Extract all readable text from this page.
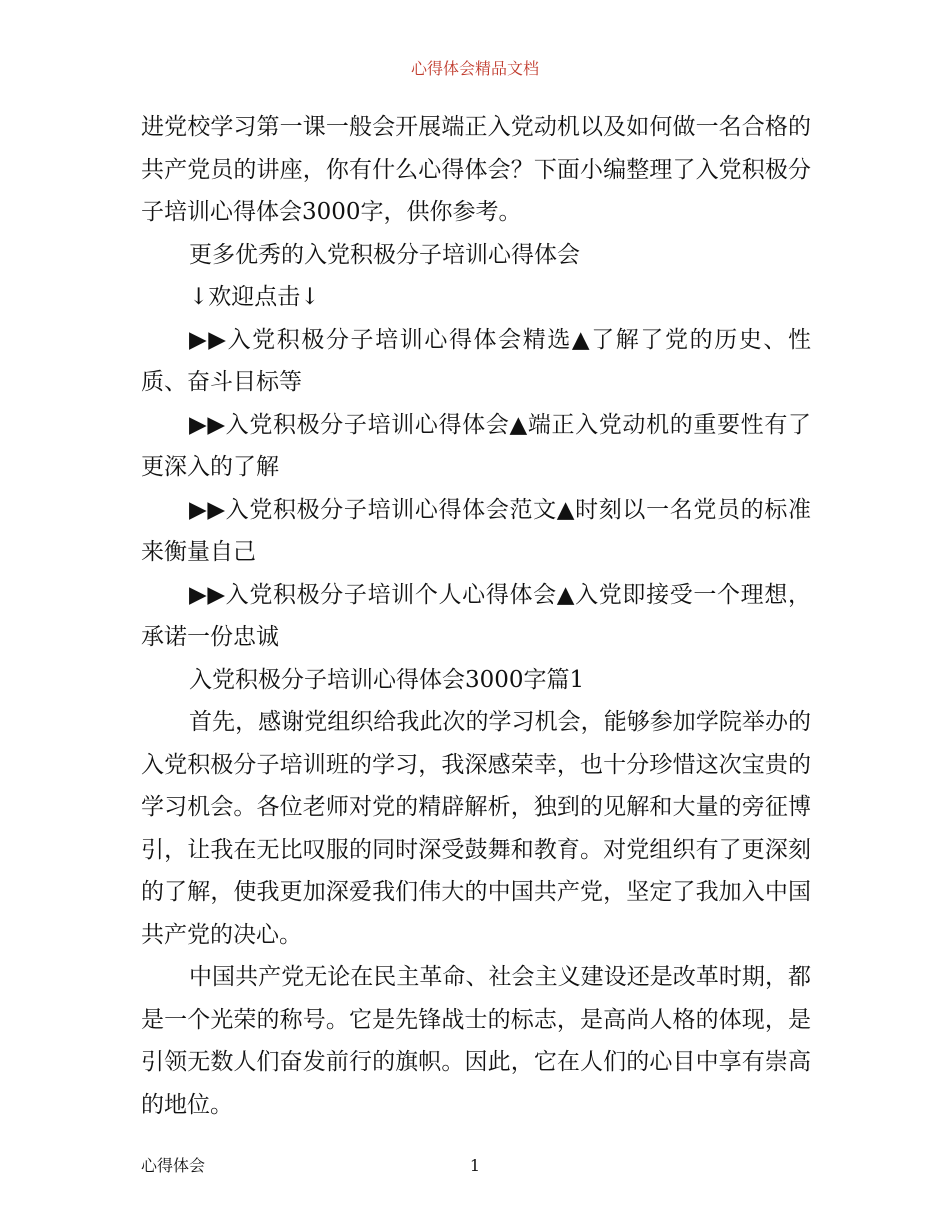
心得体会精品文档

进党校学习第一课一般会开展端正入党动机以及如何做一名合格的共产党员的讲座，你有什么心得体会？下面小编整理了入党积极分子培训心得体会3000字，供你参考。

更多优秀的入党积极分子培训心得体会

↓欢迎点击↓

▶▶入党积极分子培训心得体会精选▲了解了党的历史、性质、奋斗目标等

▶▶入党积极分子培训心得体会▲端正入党动机的重要性有了更深入的了解

▶▶入党积极分子培训心得体会范文▲时刻以一名党员的标准来衡量自己

▶▶入党积极分子培训个人心得体会▲入党即接受一个理想，承诺一份忠诚

入党积极分子培训心得体会3000字篇1

首先，感谢党组织给我此次的学习机会，能够参加学院举办的入党积极分子培训班的学习，我深感荣幸，也十分珍惜这次宝贵的学习机会。各位老师对党的精辟解析，独到的见解和大量的旁征博引，让我在无比叹服的同时深受鼓舞和教育。对党组织有了更深刻的了解，使我更加深爱我们伟大的中国共产党，坚定了我加入中国共产党的决心。

中国共产党无论在民主革命、社会主义建设还是改革时期，都是一个光荣的称号。它是先锋战士的标志，是高尚人格的体现，是引领无数人们奋发前行的旗帜。因此，它在人们的心目中享有崇高的地位。

心得体会	1
